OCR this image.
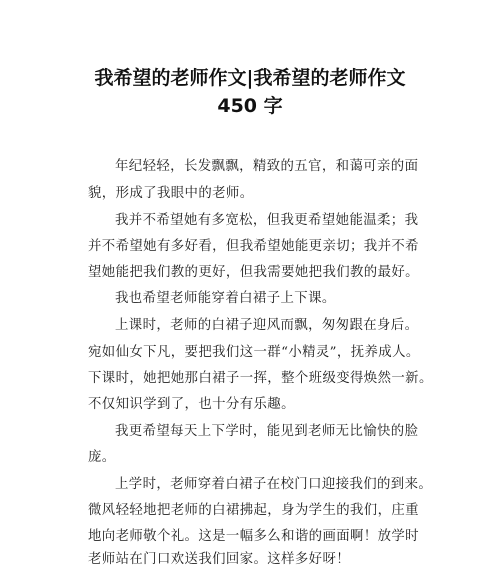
我希望的老师作文|我希望的老师作文
450 字
年纪轻轻，长发飘飘，精致的五官，和蔼可亲的面
貌，形成了我眼中的老师。
我并不希望她有多宽松，但我更希望她能温柔；我
并不希望她有多好看，但我希望她能更亲切；我并不希
望她能把我们教的更好，但我需要她把我们教的最好。
我也希望老师能穿着白裙子上下课。
上课时，老师的白裙子迎风而飘，匆匆跟在身后。
宛如仙女下凡，要把我们这一群“小精灵”，抚养成人。
下课时，她把她那白裙子一挥，整个班级变得焕然一新。
不仅知识学到了，也十分有乐趣。
我更希望每天上下学时，能见到老师无比愉快的脸
庞。
上学时，老师穿着白裙子在校门口迎接我们的到来。
微风轻轻地把老师的白裙拂起，身为学生的我们，庄重
地向老师敬个礼。这是一幅多么和谐的画面啊！放学时
老师站在门口欢送我们回家。这样多好呀！
